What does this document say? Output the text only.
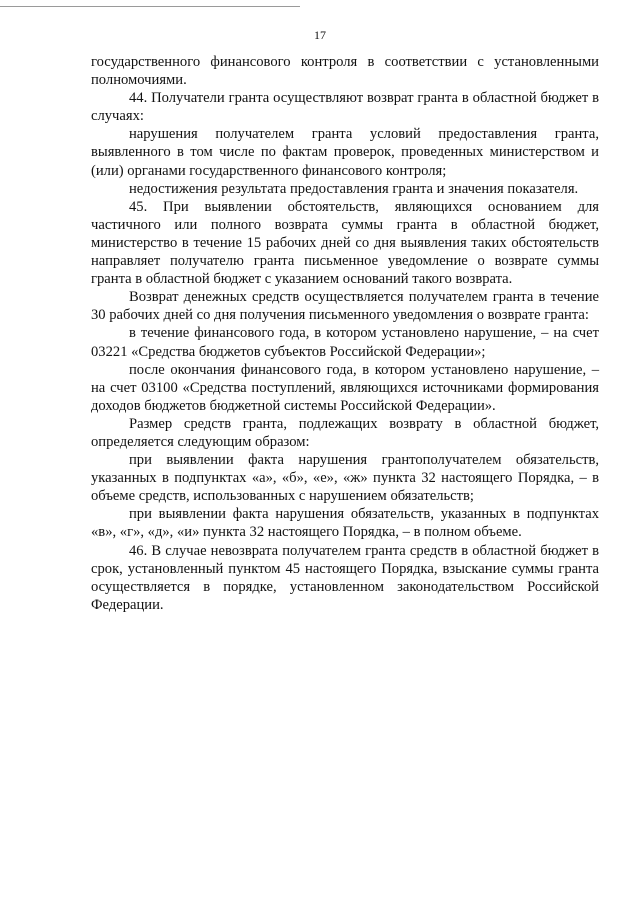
17

государственного финансового контроля в соответствии с установленными полномочиями.

44. Получатели гранта осуществляют возврат гранта в областной бюджет в случаях:

нарушения получателем гранта условий предоставления гранта, выявленного в том числе по фактам проверок, проведенных министерством и (или) органами государственного финансового контроля;

недостижения результата предоставления гранта и значения показателя.

45. При выявлении обстоятельств, являющихся основанием для частичного или полного возврата суммы гранта в областной бюджет, министерство в течение 15 рабочих дней со дня выявления таких обстоятельств направляет получателю гранта письменное уведомление о возврате суммы гранта в областной бюджет с указанием оснований такого возврата.

Возврат денежных средств осуществляется получателем гранта в течение 30 рабочих дней со дня получения письменного уведомления о возврате гранта:

в течение финансового года, в котором установлено нарушение, – на счет 03221 «Средства бюджетов субъектов Российской Федерации»;

после окончания финансового года, в котором установлено нарушение, – на счет 03100 «Средства поступлений, являющихся источниками формирования доходов бюджетов бюджетной системы Российской Федерации».

Размер средств гранта, подлежащих возврату в областной бюджет, определяется следующим образом:

при выявлении факта нарушения грантополучателем обязательств, указанных в подпунктах «а», «б», «е», «ж» пункта 32 настоящего Порядка, – в объеме средств, использованных с нарушением обязательств;

при выявлении факта нарушения обязательств, указанных в подпунктах «в», «г», «д», «и» пункта 32 настоящего Порядка, – в полном объеме.

46. В случае невозврата получателем гранта средств в областной бюджет в срок, установленный пунктом 45 настоящего Порядка, взыскание суммы гранта осуществляется в порядке, установленном законодательством Российской Федерации.
